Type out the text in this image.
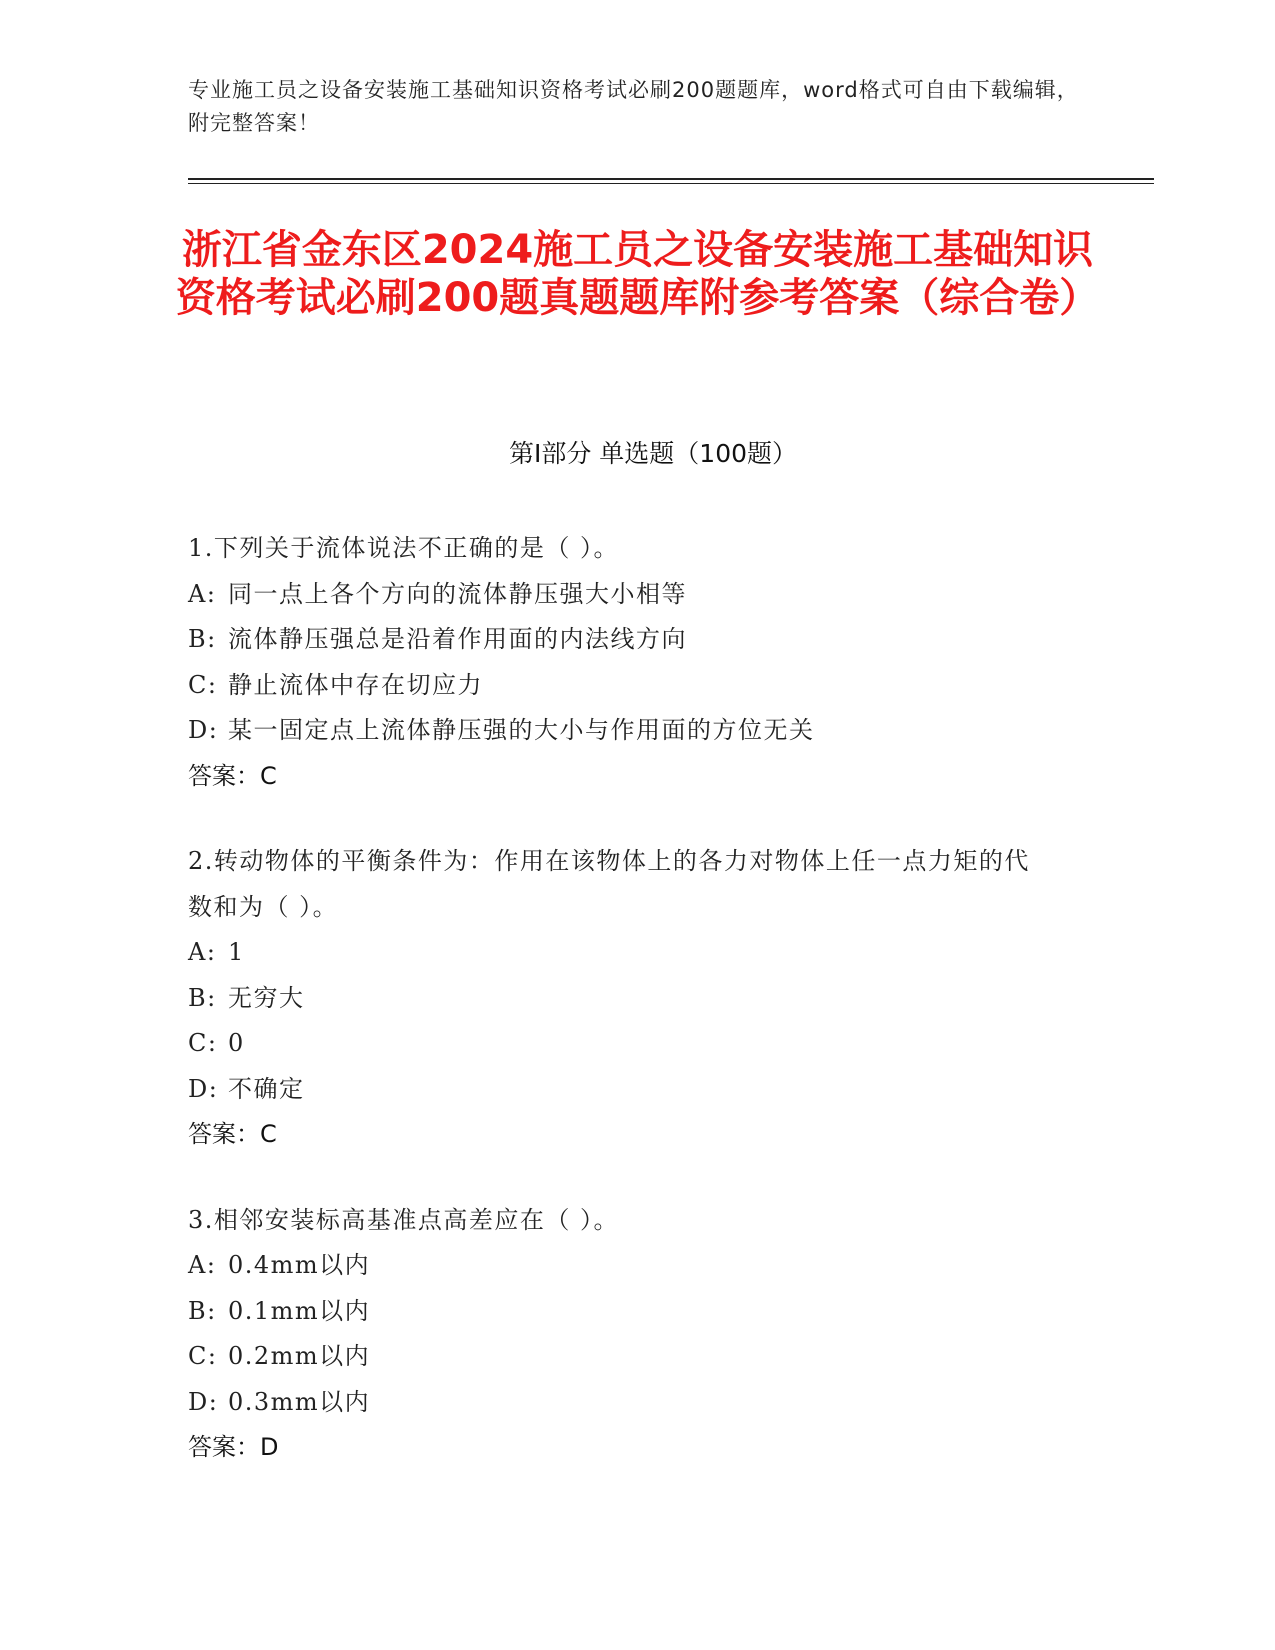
专业施工员之设备安装施工基础知识资格考试必刷200题题库，word格式可自由下载编辑，附完整答案！
浙江省金东区2024施工员之设备安装施工基础知识资格考试必刷200题真题题库附参考答案（综合卷）
第Ⅰ部分 单选题（100题）
1.下列关于流体说法不正确的是（ ）。
A: 同一点上各个方向的流体静压强大小相等
B: 流体静压强总是沿着作用面的内法线方向
C: 静止流体中存在切应力
D: 某一固定点上流体静压强的大小与作用面的方位无关
答案：C
2.转动物体的平衡条件为：作用在该物体上的各力对物体上任一点力矩的代数和为（ ）。
A: 1
B: 无穷大
C: 0
D: 不确定
答案：C
3.相邻安装标高基准点高差应在（ ）。
A: 0.4mm以内
B: 0.1mm以内
C: 0.2mm以内
D: 0.3mm以内
答案：D
